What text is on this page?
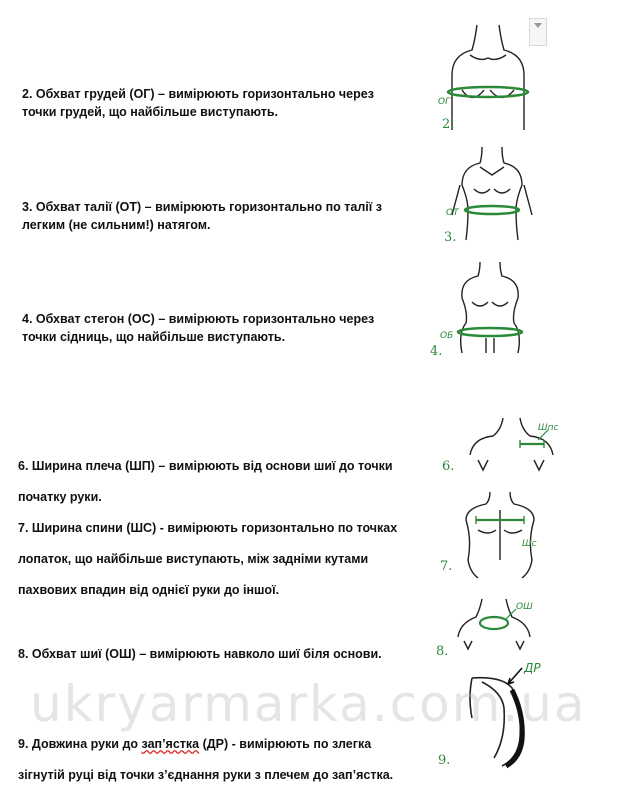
2. Обхват грудей (ОГ) – вимірюють горизонтально через
точки грудей, що найбільше виступають.
3. Обхват талії (ОТ) – вимірюють горизонтально по талії з
легким (не сильним!) натягом.
4. Обхват стегон (ОС) – вимірюють горизонтально через
точки сідниць, що найбільше виступають.
6. Ширина плеча (ШП) – вимірюють від основи шиї до точки
початку руки.
7. Ширина спини (ШС) - вимірюють горизонтально по точках
лопаток, що найбільше виступають, між задніми кутами
пахвових впадин від однієї руки до іншої.
8. Обхват шиї (ОШ) – вимірюють навколо шиї біля основи.
9. Довжина руки до зап’ястка (ДР) - вимірюють по злегка
зігнутій руці від точки з’єднання руки з плечем до зап’ястка.
ОГ
2.
ОТ
3.
ОБ
4.
Шпс
6.
Шс
7.
ОШ
8.
ДР
9.
ukryarmarka.com.ua
